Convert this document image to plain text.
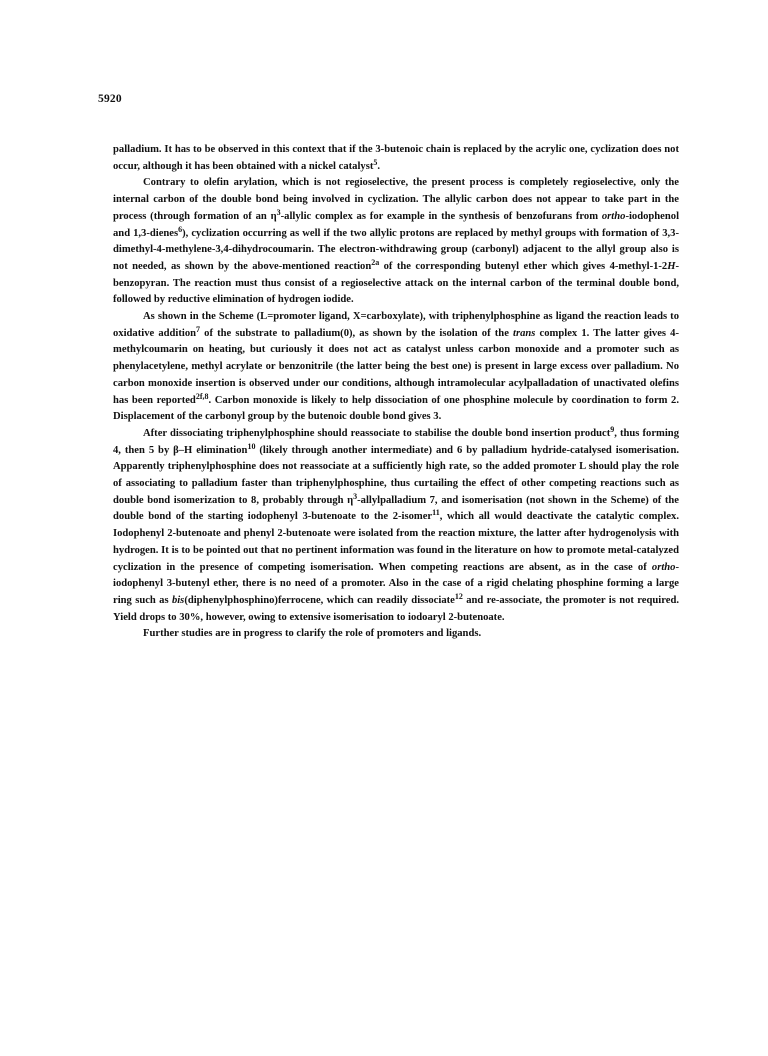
5920

palladium. It has to be observed in this context that if the 3-butenoic chain is replaced by the acrylic one, cyclization does not occur, although it has been obtained with a nickel catalyst$^5$.

Contrary to olefin arylation, which is not regioselective, the present process is completely regioselective, only the internal carbon of the double bond being involved in cyclization. The allylic carbon does not appear to take part in the process (through formation of an $\eta^3$-allylic complex as for example in the synthesis of benzofurans from ortho-iodophenol and 1,3-dienes$^6$), cyclization occurring as well if the two allylic protons are replaced by methyl groups with formation of 3,3-dimethyl-4-methylene-3,4-dihydrocoumarin. The electron-withdrawing group (carbonyl) adjacent to the allyl group also is not needed, as shown by the above-mentioned reaction$^{2a}$ of the corresponding butenyl ether which gives 4-methyl-1-2H-benzopyran. The reaction must thus consist of a regioselective attack on the internal carbon of the terminal double bond, followed by reductive elimination of hydrogen iodide.

As shown in the Scheme (L=promoter ligand, X=carboxylate), with triphenylphosphine as ligand the reaction leads to oxidative addition$^7$ of the substrate to palladium(0), as shown by the isolation of the trans complex 1. The latter gives 4-methylcoumarin on heating, but curiously it does not act as catalyst unless carbon monoxide and a promoter such as phenylacetylene, methyl acrylate or benzonitrile (the latter being the best one) is present in large excess over palladium. No carbon monoxide insertion is observed under our conditions, although intramolecular acylpalladation of unactivated olefins has been reported$^{2f,8}$. Carbon monoxide is likely to help dissociation of one phosphine molecule by coordination to form 2. Displacement of the carbonyl group by the butenoic double bond gives 3.

After dissociating triphenylphosphine should reassociate to stabilise the double bond insertion product$^9$, thus forming 4, then 5 by β–H elimination$^{10}$ (likely through another intermediate) and 6 by palladium hydride-catalysed isomerisation. Apparently triphenylphosphine does not reassociate at a sufficiently high rate, so the added promoter L should play the role of associating to palladium faster than triphenylphosphine, thus curtailing the effect of other competing reactions such as double bond isomerization to 8, probably through $\eta^3$-allylpalladium 7, and isomerisation (not shown in the Scheme) of the double bond of the starting iodophenyl 3-butenoate to the 2-isomer$^{11}$, which all would deactivate the catalytic complex. Iodophenyl 2-butenoate and phenyl 2-butenoate were isolated from the reaction mixture, the latter after hydrogenolysis with hydrogen. It is to be pointed out that no pertinent information was found in the literature on how to promote metal-catalyzed cyclization in the presence of competing isomerisation. When competing reactions are absent, as in the case of ortho-iodophenyl 3-butenyl ether, there is no need of a promoter. Also in the case of a rigid chelating phosphine forming a large ring such as bis(diphenylphosphino)ferrocene, which can readily dissociate$^{12}$ and re-associate, the promoter is not required. Yield drops to 30%, however, owing to extensive isomerisation to iodoaryl 2-butenoate.

Further studies are in progress to clarify the role of promoters and ligands.
